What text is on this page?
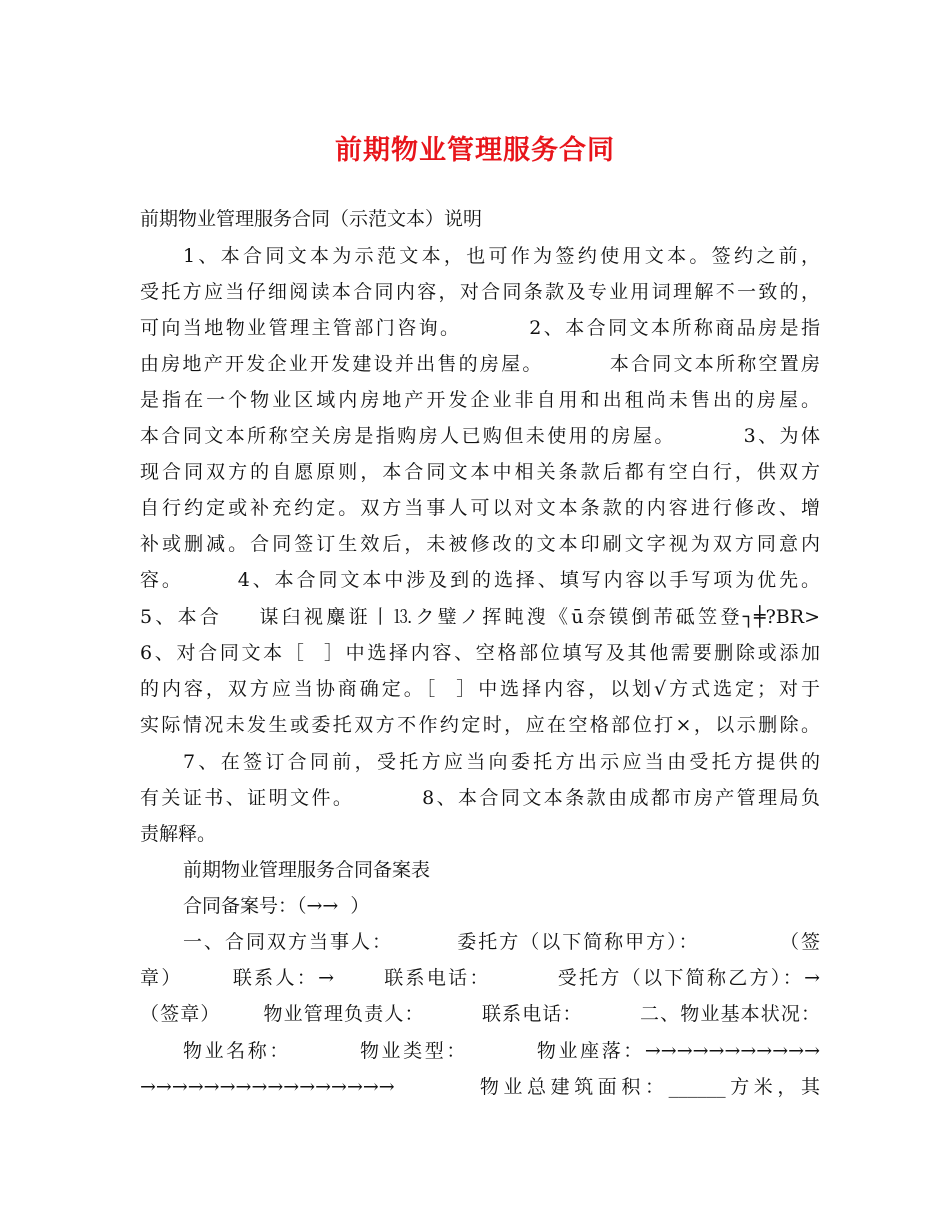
前期物业管理服务合同
前期物业管理服务合同（示范文本）说明
1、本合同文本为示范文本，也可作为签约使用文本。签约之前，
受托方应当仔细阅读本合同内容，对合同条款及专业用词理解不一致的，
可向当地物业管理主管部门咨询。        2、本合同文本所称商品房是指
由房地产开发企业开发建设并出售的房屋。        本合同文本所称空置房
是指在一个物业区域内房地产开发企业非自用和出租尚未售出的房屋。
本合同文本所称空关房是指购房人已购但未使用的房屋。        3、为体
现合同双方的自愿原则，本合同文本中相关条款后都有空白行，供双方
自行约定或补充约定。双方当事人可以对文本条款的内容进行修改、增
补或删减。合同签订生效后，未被修改的文本印刷文字视为双方同意内
容。      4、本合同文本中涉及到的选择、填写内容以手写项为优先。
5、本合    谋臼视麋诳丨⒔ク璧ノ挥盹溲《ū奈镆倒芾砥笠登┐╪?BR>
6、对合同文本［  ］中选择内容、空格部位填写及其他需要删除或添加
的内容，双方应当协商确定。［  ］中选择内容，以划√方式选定；对于
实际情况未发生或委托双方不作约定时，应在空格部位打×，以示删除。
7、在签订合同前，受托方应当向委托方出示应当由受托方提供的
有关证书、证明文件。        8、本合同文本条款由成都市房产管理局负
责解释。
前期物业管理服务合同备案表
合同备案号：（→→  ）
一、合同双方当事人：        委托方（以下简称甲方）：          （签
章）      联系人：→      联系电话：        受托方（以下简称乙方）：→
（签章）      物业管理负责人：        联系电话：        二、物业基本状况：
物业名称：        物业类型：        物业座落：→→→→→→→→→→→
→→→→→→→→→→→→→→→→        物业总建筑面积：______方米，其
